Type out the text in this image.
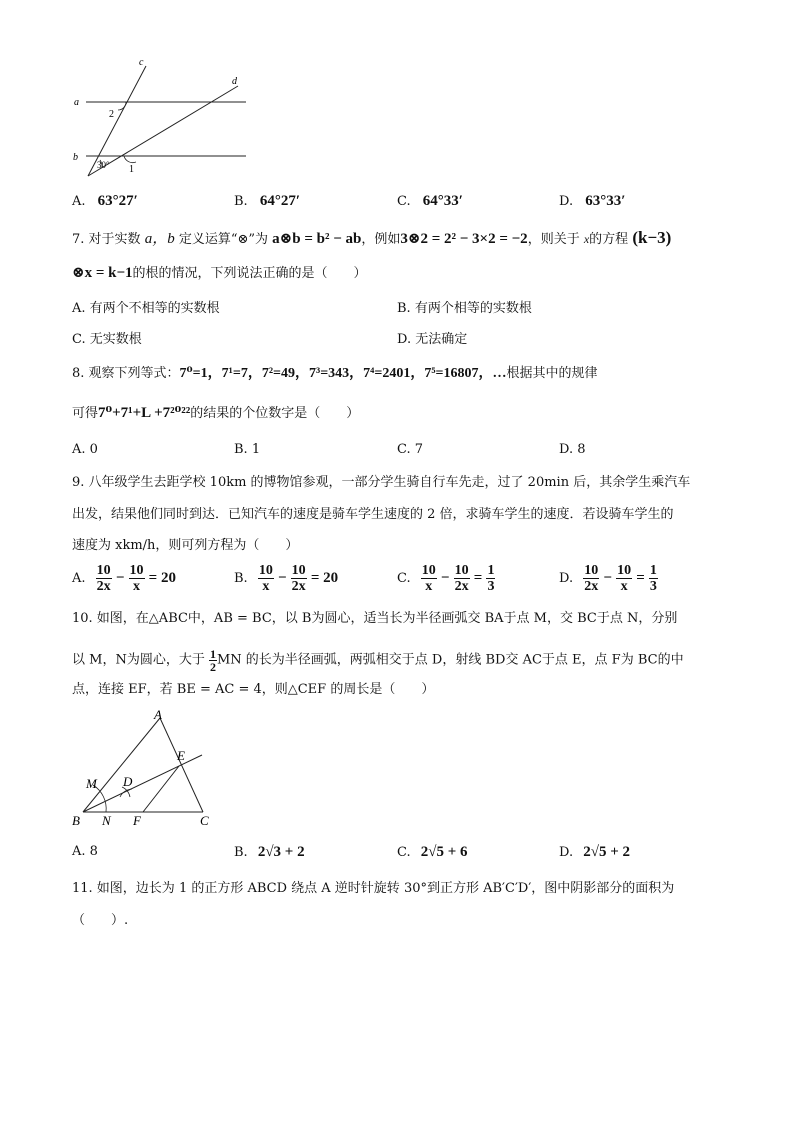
a
b
c
d
2
1
30°
A. 63°27′	B. 64°27′	C. 64°33′	D. 63°33′
7. 对于实数 a，b 定义运算“⊗”为 a⊗b = b² − ab，例如3⊗2 = 2² − 3×2 = −2，则关于 x的方程 (k−3)
⊗x = k−1的根的情况，下列说法正确的是（　　）
A. 有两个不相等的实数根	B. 有两个相等的实数根
C. 无实数根	D. 无法确定
8. 观察下列等式：7⁰=1，7¹=7，7²=49，7³=343，7⁴=2401，7⁵=16807，…根据其中的规律
可得7⁰+7¹+L +7²⁰²²的结果的个位数字是（　　）
A. 0	B. 1	C. 7	D. 8
9. 八年级学生去距学校 10km 的博物馆参观，一部分学生骑自行车先走，过了 20min 后，其余学生乘汽车
出发，结果他们同时到达．已知汽车的速度是骑车学生速度的 2 倍，求骑车学生的速度．若设骑车学生的
速度为 xkm/h，则可列方程为（　　）
A. $\frac{10}{2x} - \frac{10}{x} = 20$	B. $\frac{10}{x} - \frac{10}{2x} = 20$	C. $\frac{10}{x} - \frac{10}{2x} = \frac{1}{3}$	D. $\frac{10}{2x} - \frac{10}{x} = \frac{1}{3}$
10. 如图，在△ABC中，AB = BC，以 B为圆心，适当长为半径画弧交 BA于点 M，交 BC于点 N，分别
以 M，N为圆心，大于 $\frac{1}{2}$ MN 的长为半径画弧，两弧相交于点 D，射线 BD交 AC于点 E，点 F为 BC的中
点，连接 EF，若 BE = AC = 4，则△CEF 的周长是（　　）
A
B	C
D
E
F
M
N
A. 8	B. 2√3 + 2	C. 2√5 + 6	D. 2√5 + 2
11. 如图，边长为 1 的正方形 ABCD 绕点 A 逆时针旋转 30°到正方形 AB′C′D′，图中阴影部分的面积为
（　　）.
